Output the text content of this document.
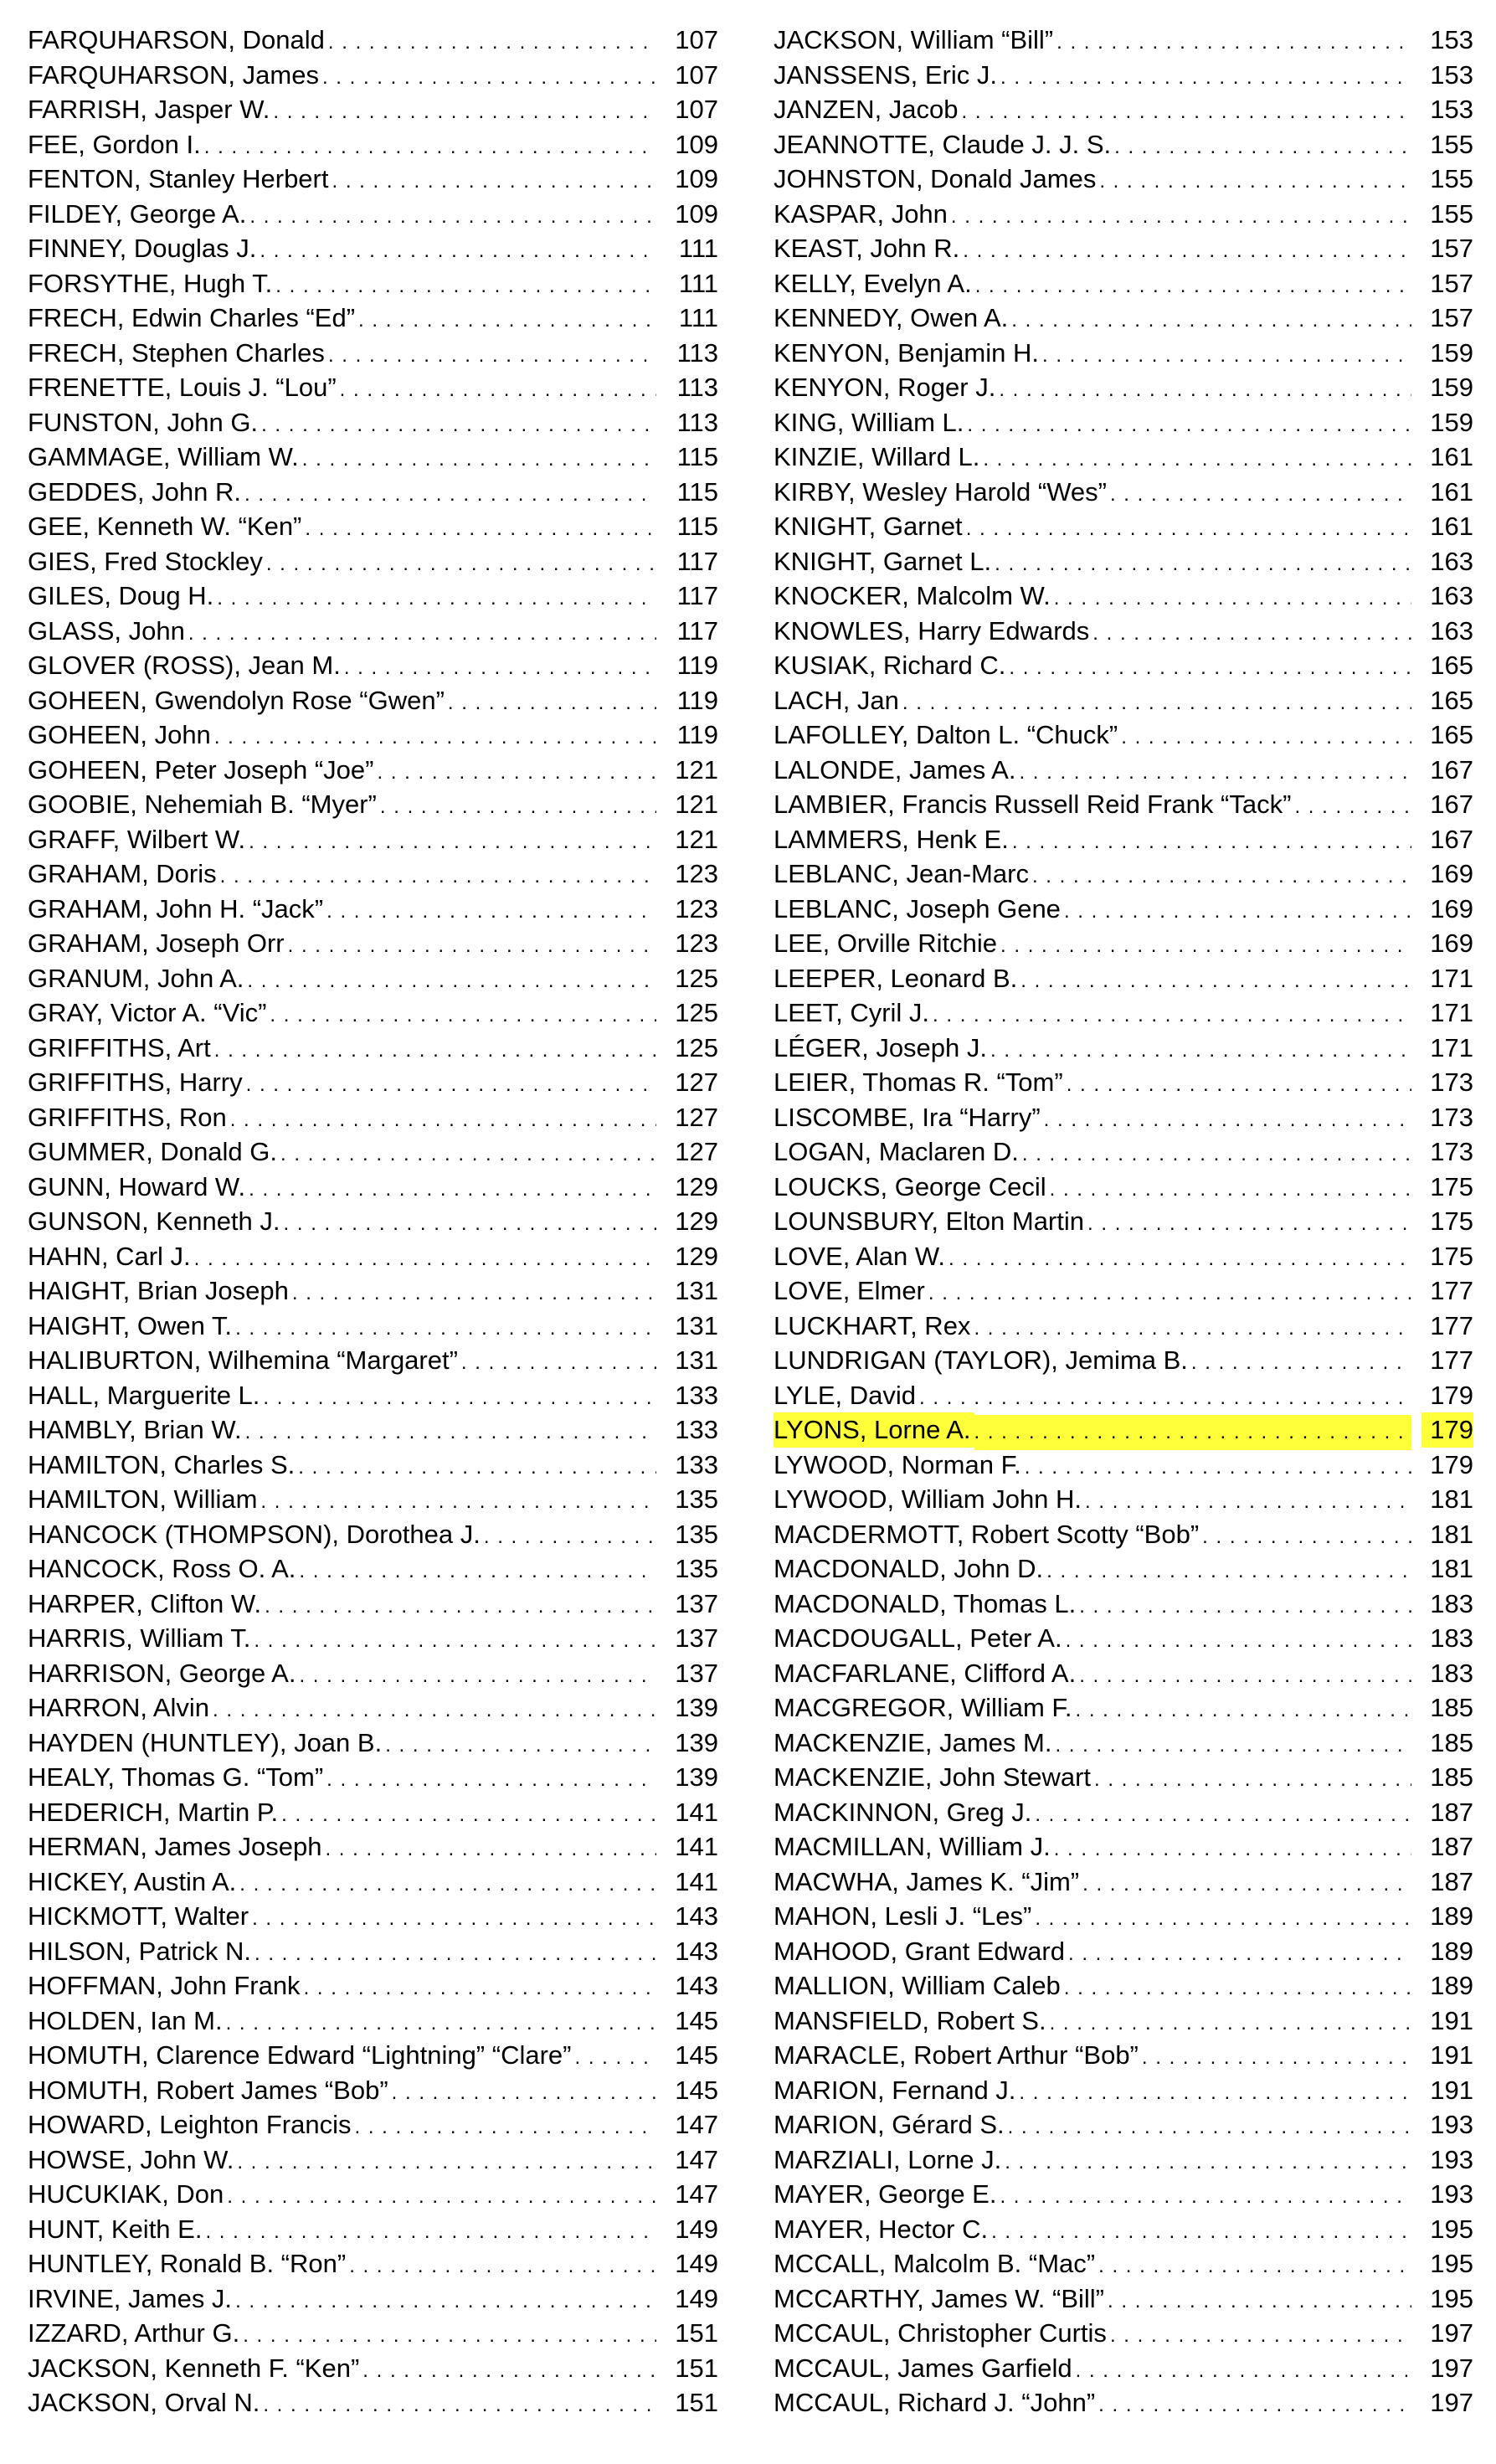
FARQUHARSON, Donald . . .	107
FARQUHARSON, James . . .	107
FARRISH, Jasper W. . . .	107
FEE, Gordon I. . . .	109
FENTON, Stanley Herbert . . .	109
FILDEY, George A. . . .	109
FINNEY, Douglas J. . . .	111
FORSYTHE, Hugh T. . . .	111
FRECH, Edwin Charles “Ed” . . .	111
FRECH, Stephen Charles . . .	113
FRENETTE, Louis J. “Lou” . . .	113
FUNSTON, John G. . . .	113
GAMMAGE, William W. . . .	115
GEDDES, John R. . . .	115
GEE, Kenneth W. “Ken” . . .	115
GIES, Fred Stockley . . .	117
GILES, Doug H. . . .	117
GLASS, John . . .	117
GLOVER (ROSS), Jean M. . . .	119
GOHEEN, Gwendolyn Rose “Gwen” . . .	119
GOHEEN, John . . .	119
GOHEEN, Peter Joseph “Joe” . . .	121
GOOBIE, Nehemiah B. “Myer” . . .	121
GRAFF, Wilbert W. . . .	121
GRAHAM, Doris . . .	123
GRAHAM, John H. “Jack” . . .	123
GRAHAM, Joseph Orr . . .	123
GRANUM, John A. . . .	125
GRAY, Victor A. “Vic” . . .	125
GRIFFITHS, Art . . .	125
GRIFFITHS, Harry . . .	127
GRIFFITHS, Ron . . .	127
GUMMER, Donald G. . . .	127
GUNN, Howard W. . . .	129
GUNSON, Kenneth J. . . .	129
HAHN, Carl J. . . .	129
HAIGHT, Brian Joseph . . .	131
HAIGHT, Owen T. . . .	131
HALIBURTON, Wilhemina “Margaret” . . .	131
HALL, Marguerite L. . . .	133
HAMBLY, Brian W. . . .	133
HAMILTON, Charles S. . . .	133
HAMILTON, William . . .	135
HANCOCK (THOMPSON), Dorothea J. . . .	135
HANCOCK, Ross O. A. . . .	135
HARPER, Clifton W. . . .	137
HARRIS, William T. . . .	137
HARRISON, George A. . . .	137
HARRON, Alvin . . .	139
HAYDEN (HUNTLEY), Joan B. . . .	139
HEALY, Thomas G. “Tom” . . .	139
HEDERICH, Martin P. . . .	141
HERMAN, James Joseph . . .	141
HICKEY, Austin A. . . .	141
HICKMOTT, Walter . . .	143
HILSON, Patrick N. . . .	143
HOFFMAN, John Frank . . .	143
HOLDEN, Ian M. . . .	145
HOMUTH, Clarence Edward “Lightning” “Clare” . . .	145
HOMUTH, Robert James “Bob” . . .	145
HOWARD, Leighton Francis . . .	147
HOWSE, John W. . . .	147
HUCUKIAK, Don . . .	147
HUNT, Keith E. . . .	149
HUNTLEY, Ronald B. “Ron” . . .	149
IRVINE, James J. . . .	149
IZZARD, Arthur G. . . .	151
JACKSON, Kenneth F. “Ken” . . .	151
JACKSON, Orval N. . . .	151
JACKSON, William “Bill” . . .	153
JANSSENS, Eric J. . . .	153
JANZEN, Jacob . . .	153
JEANNOTTE, Claude J. J. S. . . .	155
JOHNSTON, Donald James . . .	155
KASPAR, John . . .	155
KEAST, John R. . . .	157
KELLY, Evelyn A. . . .	157
KENNEDY, Owen A. . . .	157
KENYON, Benjamin H. . . .	159
KENYON, Roger J. . . .	159
KING, William L. . . .	159
KINZIE, Willard L. . . .	161
KIRBY, Wesley Harold “Wes” . . .	161
KNIGHT, Garnet . . .	161
KNIGHT, Garnet L. . . .	163
KNOCKER, Malcolm W. . . .	163
KNOWLES, Harry Edwards . . .	163
KUSIAK, Richard C. . . .	165
LACH, Jan . . .	165
LAFOLLEY, Dalton L. “Chuck” . . .	165
LALONDE, James A. . . .	167
LAMBIER, Francis Russell Reid Frank “Tack” . . .	167
LAMMERS, Henk E. . . .	167
LEBLANC, Jean-Marc . . .	169
LEBLANC, Joseph Gene . . .	169
LEE, Orville Ritchie . . .	169
LEEPER, Leonard B. . . .	171
LEET, Cyril J. . . .	171
LÉGER, Joseph J. . . .	171
LEIER, Thomas R. “Tom” . . .	173
LISCOMBE, Ira “Harry” . . .	173
LOGAN, Maclaren D. . . .	173
LOUCKS, George Cecil . . .	175
LOUNSBURY, Elton Martin . . .	175
LOVE, Alan W. . . .	175
LOVE, Elmer . . .	177
LUCKHART, Rex . . .	177
LUNDRIGAN (TAYLOR), Jemima B. . . .	177
LYLE, David . . .	179
LYONS, Lorne A. . . .	179
LYWOOD, Norman F. . . .	179
LYWOOD, William John H. . . .	181
MACDERMOTT, Robert Scotty “Bob” . . .	181
MACDONALD, John D. . . .	181
MACDONALD, Thomas L. . . .	183
MACDOUGALL, Peter A. . . .	183
MACFARLANE, Clifford A. . . .	183
MACGREGOR, William F. . . .	185
MACKENZIE, James M. . . .	185
MACKENZIE, John Stewart . . .	185
MACKINNON, Greg J. . . .	187
MACMILLAN, William J. . . .	187
MACWHA, James K. “Jim” . . .	187
MAHON, Lesli J. “Les” . . .	189
MAHOOD, Grant Edward . . .	189
MALLION, William Caleb . . .	189
MANSFIELD, Robert S. . . .	191
MARACLE, Robert Arthur “Bob” . . .	191
MARION, Fernand J. . . .	191
MARION, Gérard S. . . .	193
MARZIALI, Lorne J. . . .	193
MAYER, George E. . . .	193
MAYER, Hector C. . . .	195
MCCALL, Malcolm B. “Mac” . . .	195
MCCARTHY, James W. “Bill” . . .	195
MCCAUL, Christopher Curtis . . .	197
MCCAUL, James Garfield . . .	197
MCCAUL, Richard J. “John” . . .	197
